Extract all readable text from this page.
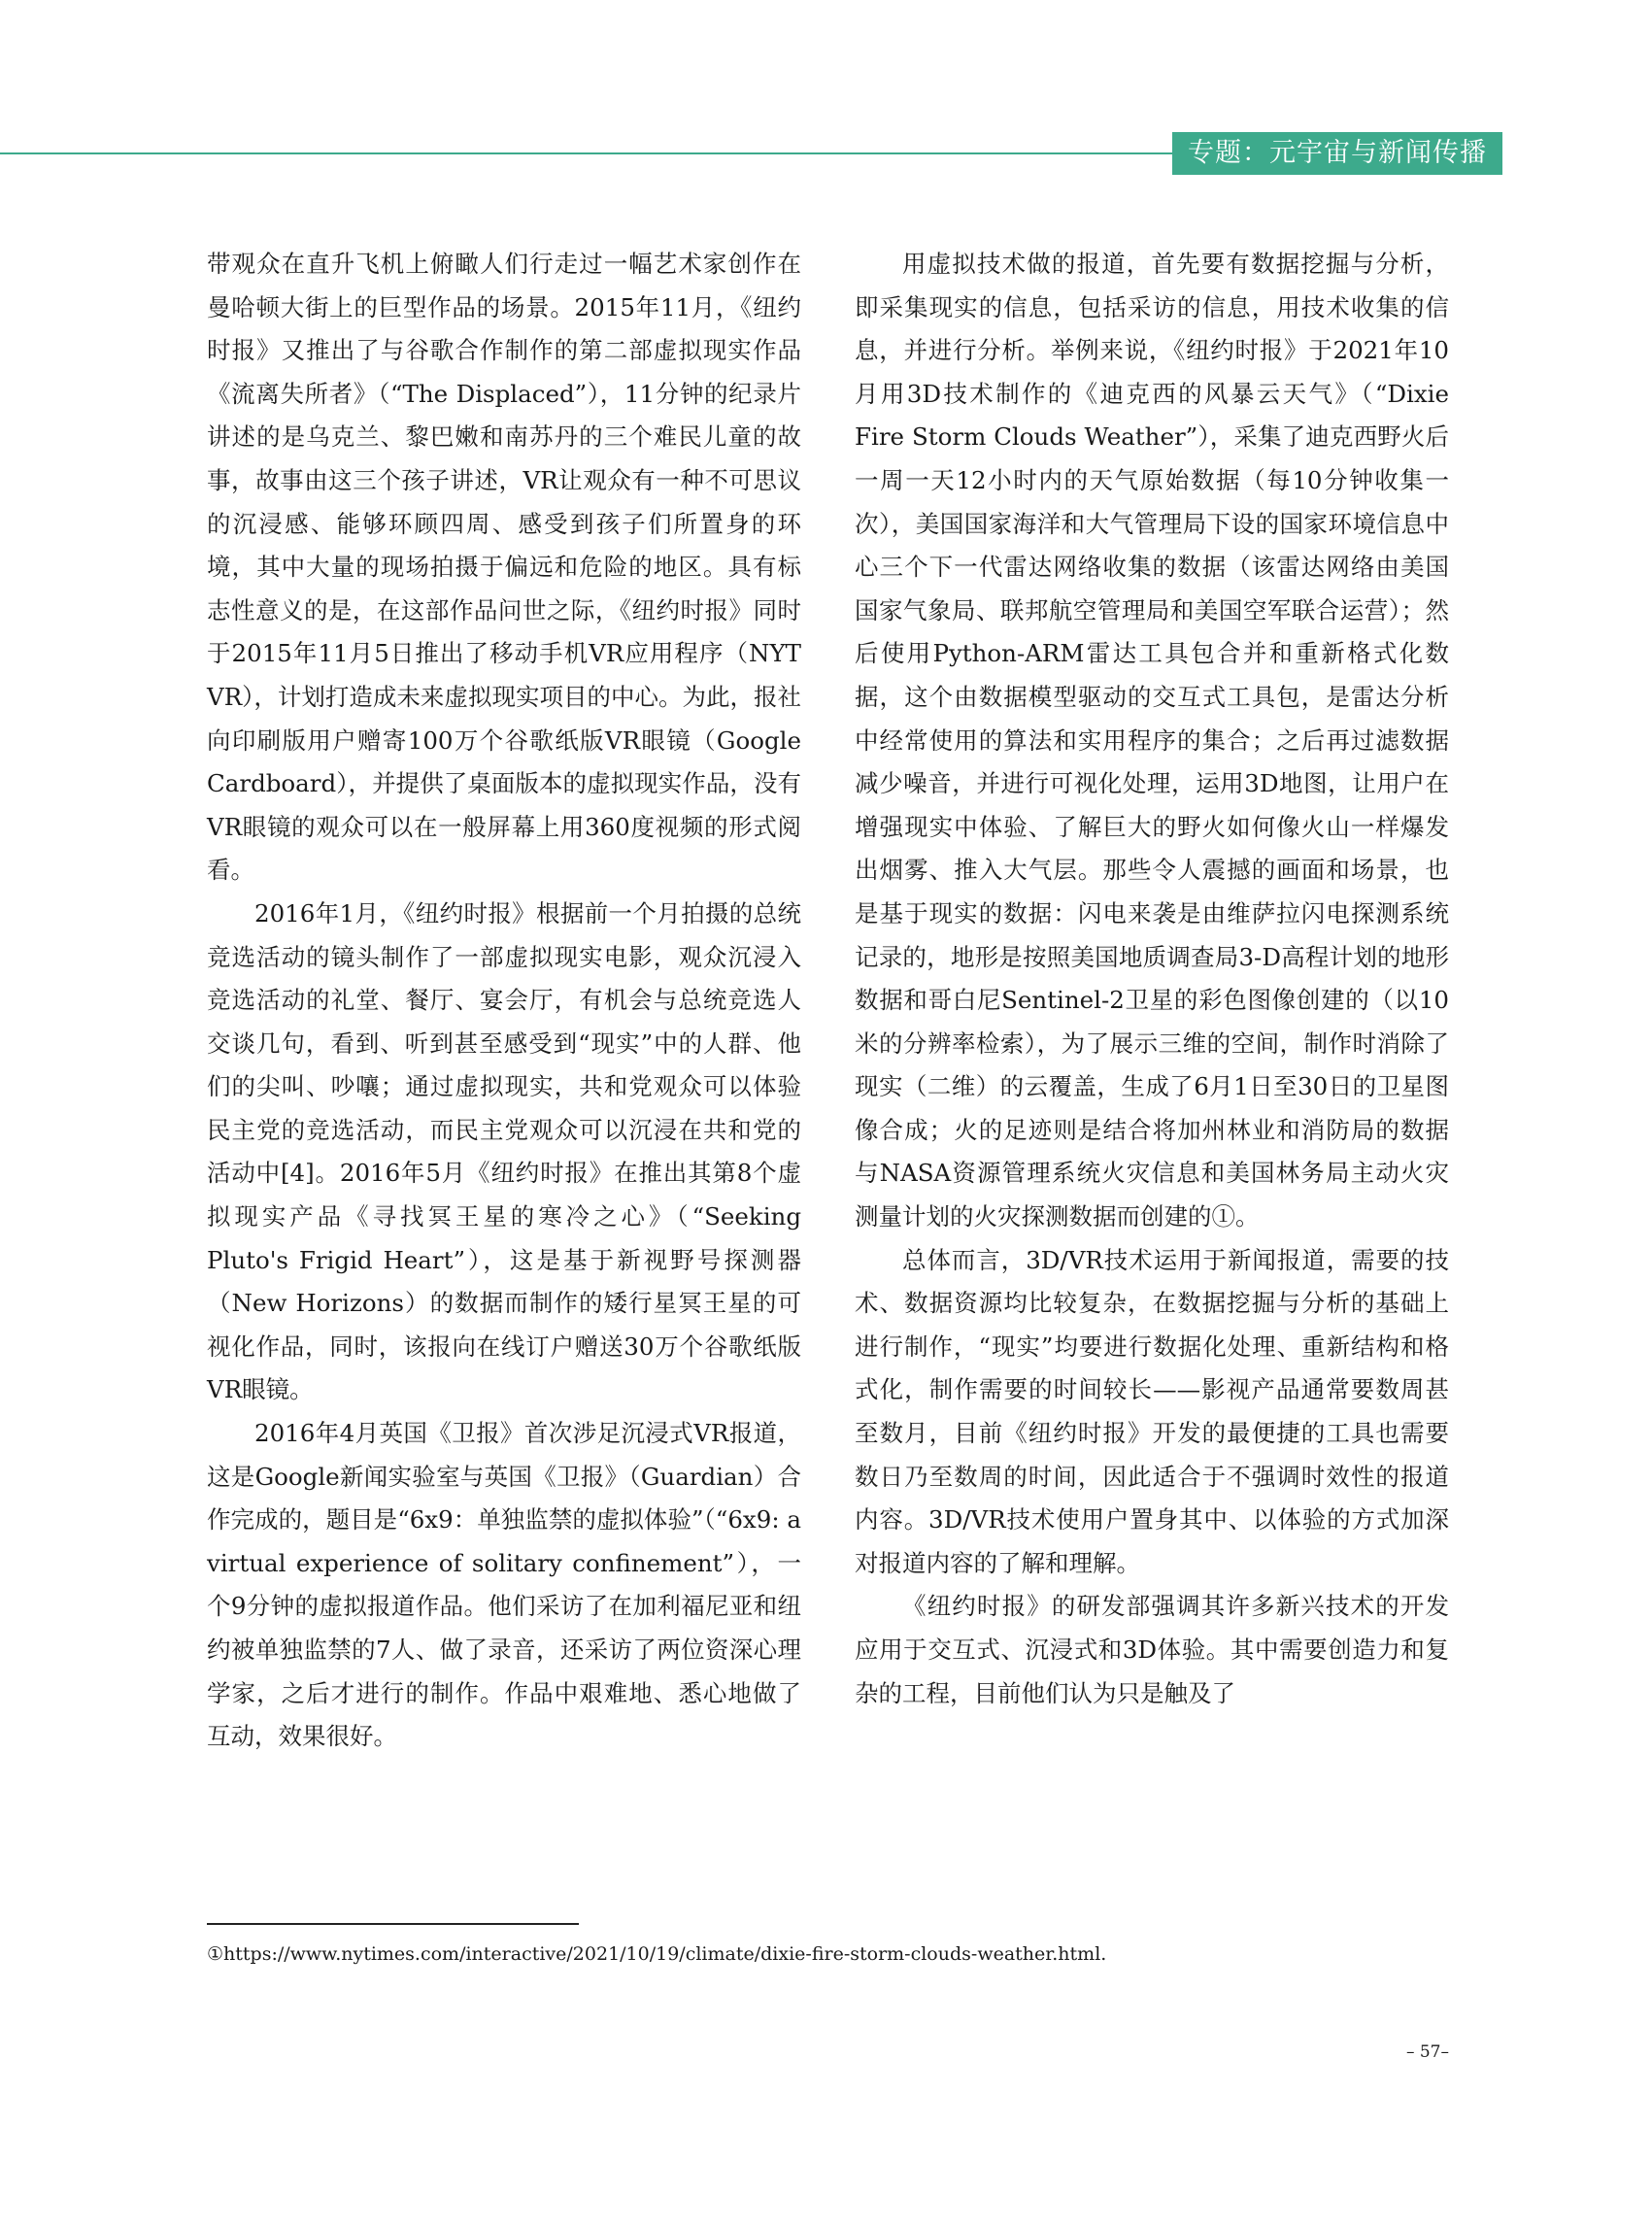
专题：元宇宙与新闻传播

带观众在直升飞机上俯瞰人们行走过一幅艺术家创作在曼哈顿大街上的巨型作品的场景。2015年11月，《纽约时报》又推出了与谷歌合作制作的第二部虚拟现实作品《流离失所者》（“The Displaced”），11分钟的纪录片讲述的是乌克兰、黎巴嫩和南苏丹的三个难民儿童的故事，故事由这三个孩子讲述，VR让观众有一种不可思议的沉浸感、能够环顾四周、感受到孩子们所置身的环境，其中大量的现场拍摄于偏远和危险的地区。具有标志性意义的是，在这部作品问世之际，《纽约时报》同时于2015年11月5日推出了移动手机VR应用程序（NYT VR），计划打造成未来虚拟现实项目的中心。为此，报社向印刷版用户赠寄100万个谷歌纸版VR眼镜（Google Cardboard），并提供了桌面版本的虚拟现实作品，没有VR眼镜的观众可以在一般屏幕上用360度视频的形式阅看。

2016年1月，《纽约时报》根据前一个月拍摄的总统竞选活动的镜头制作了一部虚拟现实电影，观众沉浸入竞选活动的礼堂、餐厅、宴会厅，有机会与总统竞选人交谈几句，看到、听到甚至感受到“现实”中的人群、他们的尖叫、吵嚷；通过虚拟现实，共和党观众可以体验民主党的竞选活动，而民主党观众可以沉浸在共和党的活动中[4]。2016年5月《纽约时报》在推出其第8个虚拟现实产品《寻找冥王星的寒冷之心》（“Seeking Pluto's Frigid Heart”），这是基于新视野号探测器（New Horizons）的数据而制作的矮行星冥王星的可视化作品，同时，该报向在线订户赠送30万个谷歌纸版VR眼镜。

2016年4月英国《卫报》首次涉足沉浸式VR报道，这是Google新闻实验室与英国《卫报》（Guardian）合作完成的，题目是“6x9：单独监禁的虚拟体验”（“6x9: a virtual experience of solitary confinement”），一个9分钟的虚拟报道作品。他们采访了在加利福尼亚和纽约被单独监禁的7人、做了录音，还采访了两位资深心理学家，之后才进行的制作。作品中艰难地、悉心地做了互动，效果很好。

用虚拟技术做的报道，首先要有数据挖掘与分析，即采集现实的信息，包括采访的信息，用技术收集的信息，并进行分析。举例来说，《纽约时报》于2021年10月用3D技术制作的《迪克西的风暴云天气》（“Dixie Fire Storm Clouds Weather”），采集了迪克西野火后一周一天12小时内的天气原始数据（每10分钟收集一次），美国国家海洋和大气管理局下设的国家环境信息中心三个下一代雷达网络收集的数据（该雷达网络由美国国家气象局、联邦航空管理局和美国空军联合运营）；然后使用Python-ARM雷达工具包合并和重新格式化数据，这个由数据模型驱动的交互式工具包，是雷达分析中经常使用的算法和实用程序的集合；之后再过滤数据减少噪音，并进行可视化处理，运用3D地图，让用户在增强现实中体验、了解巨大的野火如何像火山一样爆发出烟雾、推入大气层。那些令人震撼的画面和场景，也是基于现实的数据：闪电来袭是由维萨拉闪电探测系统记录的，地形是按照美国地质调查局3-D高程计划的地形数据和哥白尼Sentinel-2卫星的彩色图像创建的（以10米的分辨率检索），为了展示三维的空间，制作时消除了现实（二维）的云覆盖，生成了6月1日至30日的卫星图像合成；火的足迹则是结合将加州林业和消防局的数据与NASA资源管理系统火灾信息和美国林务局主动火灾测量计划的火灾探测数据而创建的①。

总体而言，3D/VR技术运用于新闻报道，需要的技术、数据资源均比较复杂，在数据挖掘与分析的基础上进行制作，“现实”均要进行数据化处理、重新结构和格式化，制作需要的时间较长——影视产品通常要数周甚至数月，目前《纽约时报》开发的最便捷的工具也需要数日乃至数周的时间，因此适合于不强调时效性的报道内容。3D/VR技术使用户置身其中、以体验的方式加深对报道内容的了解和理解。

《纽约时报》的研发部强调其许多新兴技术的开发应用于交互式、沉浸式和3D体验。其中需要创造力和复杂的工程，目前他们认为只是触及了

①https://www.nytimes.com/interactive/2021/10/19/climate/dixie-fire-storm-clouds-weather.html.
– 57–
